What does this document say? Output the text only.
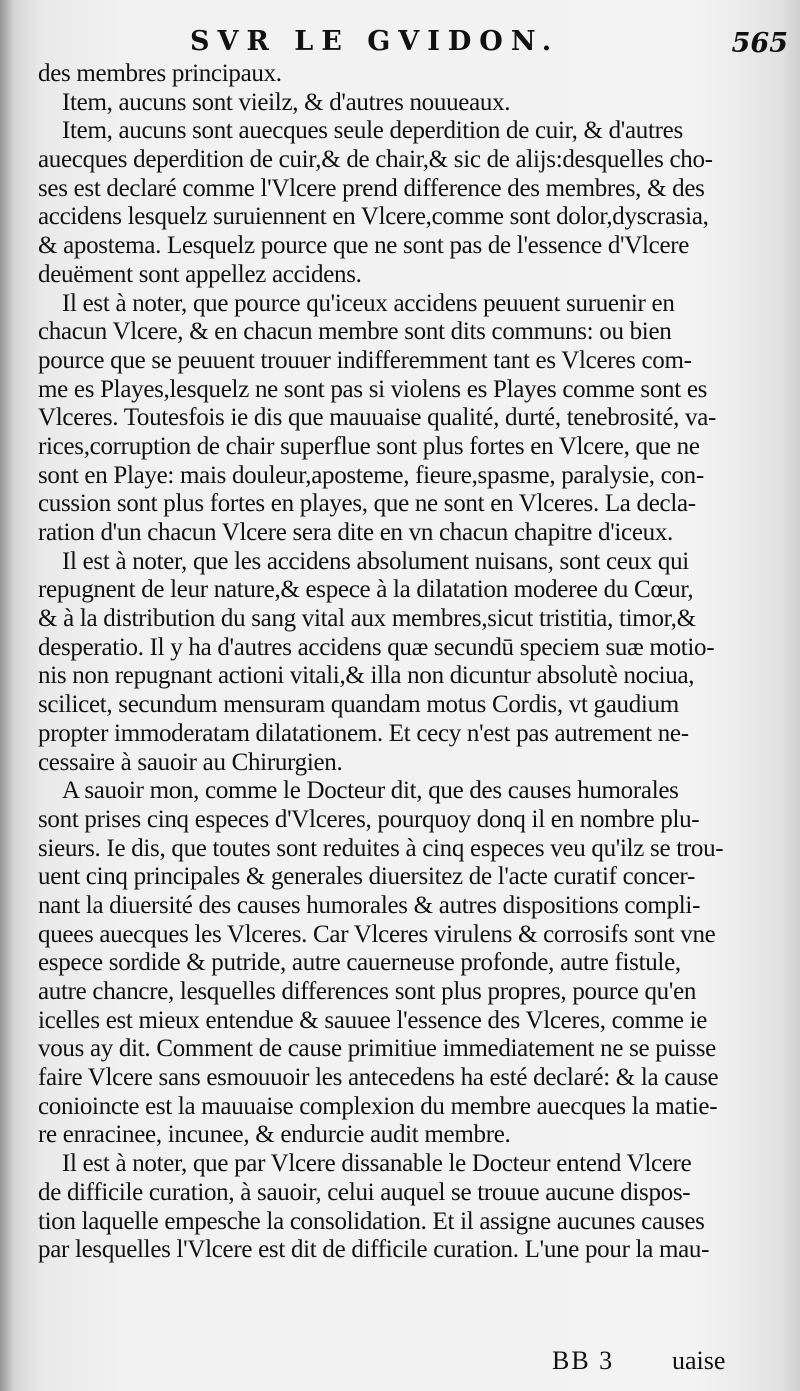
SVR LE GVIDON.	565
des membres principaux.
Item, aucuns sont vieilz, & d'autres nouueaux.
Item, aucuns sont auecques seule deperdition de cuir, & d'autres
auecques deperdition de cuir,& de chair,& sic de alijs:desquelles cho-
ses est declaré comme l'Vlcere prend difference des membres, & des
accidens lesquelz suruiennent en Vlcere,comme sont dolor,dyscrasia,
& apostema. Lesquelz pource que ne sont pas de l'essence d'Vlcere
deuëment sont appellez accidens.
Il est à noter, que pource qu'iceux accidens peuuent suruenir en
chacun Vlcere, & en chacun membre sont dits communs: ou bien
pource que se peuuent trouuer indifferemment tant es Vlceres com-
me es Playes,lesquelz ne sont pas si violens es Playes comme sont es
Vlceres. Toutesfois ie dis que mauuaise qualité, durté, tenebrosité, va-
rices,corruption de chair superflue sont plus fortes en Vlcere, que ne
sont en Playe: mais douleur,aposteme, fieure,spasme, paralysie, con-
cussion sont plus fortes en playes, que ne sont en Vlceres. La decla-
ration d'un chacun Vlcere sera dite en vn chacun chapitre d'iceux.
Il est à noter, que les accidens absolument nuisans, sont ceux qui
repugnent de leur nature,& espece à la dilatation moderee du Cœur,
& à la distribution du sang vital aux membres,sicut tristitia, timor,&
desperatio. Il y ha d'autres accidens quæ secundū speciem suæ motio-
nis non repugnant actioni vitali,& illa non dicuntur absolutè nociua,
scilicet, secundum mensuram quandam motus Cordis, vt gaudium
propter immoderatam dilatationem. Et cecy n'est pas autrement ne-
cessaire à sauoir au Chirurgien.
A sauoir mon, comme le Docteur dit, que des causes humorales
sont prises cinq especes d'Vlceres, pourquoy donq il en nombre plu-
sieurs. Ie dis, que toutes sont reduites à cinq especes veu qu'ilz se trou-
uent cinq principales & generales diuersitez de l'acte curatif concer-
nant la diuersité des causes humorales & autres dispositions compli-
quees auecques les Vlceres. Car Vlceres virulens & corrosifs sont vne
espece sordide & putride, autre cauerneuse profonde, autre fistule,
autre chancre, lesquelles differences sont plus propres, pource qu'en
icelles est mieux entendue & sauuee l'essence des Vlceres, comme ie
vous ay dit. Comment de cause primitiue immediatement ne se puisse
faire Vlcere sans esmouuoir les antecedens ha esté declaré: & la cause
conioincte est la mauuaise complexion du membre auecques la matie-
re enracinee, incunee, & endurcie audit membre.
Il est à noter, que par Vlcere dissanable le Docteur entend Vlcere
de difficile curation, à sauoir, celui auquel se trouue aucune dispos-
tion laquelle empesche la consolidation. Et il assigne aucunes causes
par lesquelles l'Vlcere est dit de difficile curation. L'une pour la mau-
BB 3 uaise
